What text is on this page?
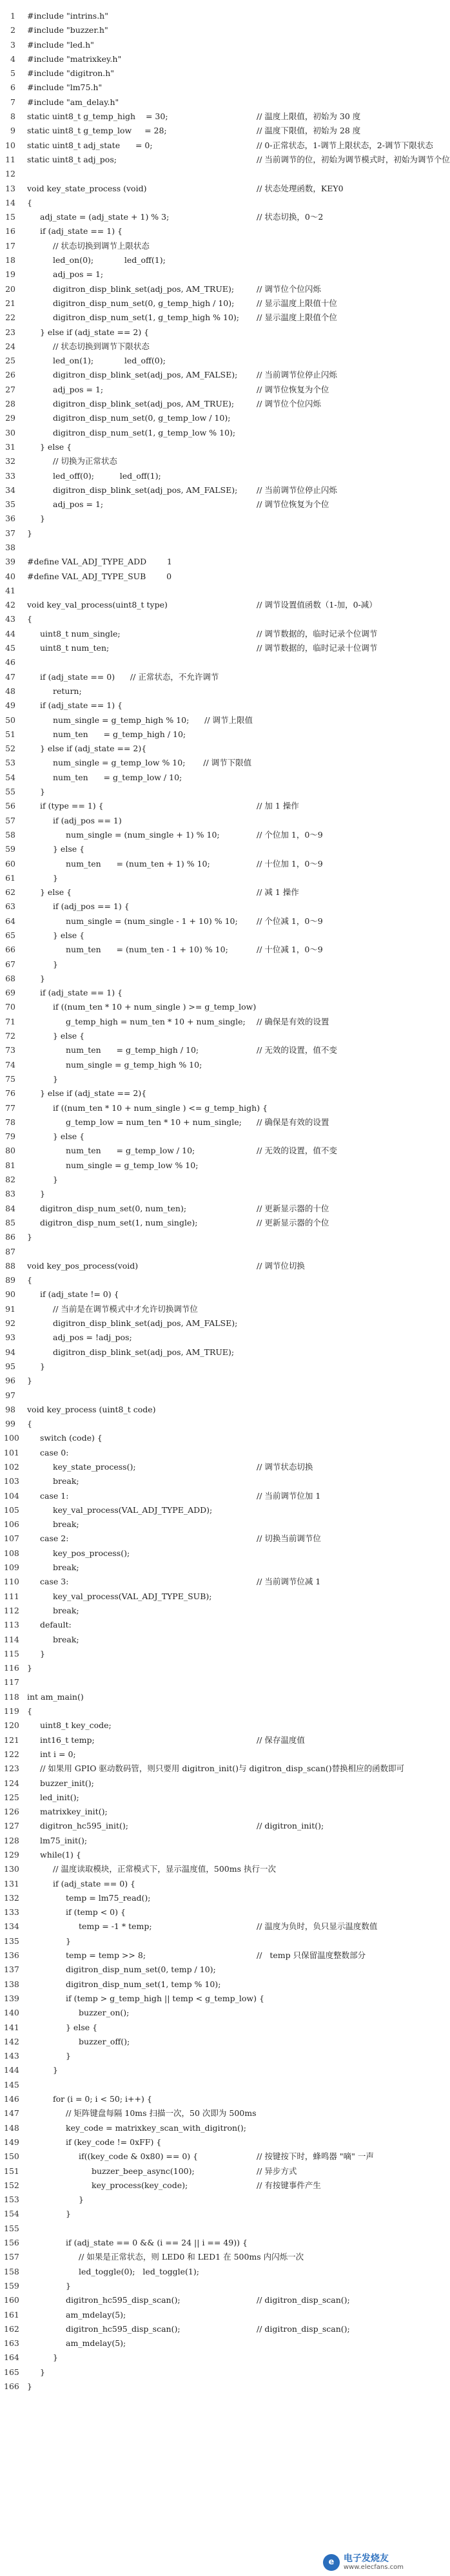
1 #include "intrins.h"
2 #include "buzzer.h"
3 #include "led.h"
4 #include "matrixkey.h"
5 #include "digitron.h"
6 #include "lm75.h"
7 #include "am_delay.h"
8 static uint8_t g_temp_high    = 30;	// 温度上限值，初始为 30 度
9 static uint8_t g_temp_low     = 28;	// 温度下限值，初始为 28 度
10 static uint8_t adj_state      = 0;	// 0-正常状态，1-调节上限状态，2-调节下限状态
11 static uint8_t adj_pos;	// 当前调节的位，初始为调节模式时，初始为调节个位
12
13 void key_state_process (void)	// 状态处理函数，KEY0
14 {
15	adj_state = (adj_state + 1) % 3;	// 状态切换，0～2
16	if (adj_state == 1) {
17	// 状态切换到调节上限状态
18	led_on(0);            led_off(1);
19	adj_pos = 1;
20	digitron_disp_blink_set(adj_pos, AM_TRUE);	// 调节位个位闪烁
21	digitron_disp_num_set(0, g_temp_high / 10);	// 显示温度上限值十位
22	digitron_disp_num_set(1, g_temp_high % 10); // 显示温度上限值个位
23	} else if (adj_state == 2) {
24	// 状态切换到调节下限状态
25	led_on(1);            led_off(0);
26	digitron_disp_blink_set(adj_pos, AM_FALSE); // 当前调节位停止闪烁
27	adj_pos = 1;	// 调节位恢复为个位
28	digitron_disp_blink_set(adj_pos, AM_TRUE);	// 调节位个位闪烁
29	digitron_disp_num_set(0, g_temp_low / 10);
30	digitron_disp_num_set(1, g_temp_low % 10);
31	} else {
32	// 切换为正常状态
33	led_off(0);          led_off(1);
34	digitron_disp_blink_set(adj_pos, AM_FALSE); // 当前调节位停止闪烁
35	adj_pos = 1;	// 调节位恢复为个位
36	}
37 }
38
39 #define VAL_ADJ_TYPE_ADD        1
40 #define VAL_ADJ_TYPE_SUB        0
41
42 void key_val_process(uint8_t type)	// 调节设置值函数（1-加，0-减）
43 {
44	uint8_t num_single;	// 调节数据的，临时记录个位调节
45	uint8_t num_ten;	// 调节数据的，临时记录十位调节
46
47	if (adj_state == 0)      // 正常状态，不允许调节
48	return;
49	if (adj_state == 1) {
50	num_single = g_temp_high % 10;      // 调节上限值
51	num_ten      = g_temp_high / 10;
52	} else if (adj_state == 2){
53	num_single = g_temp_low % 10;       // 调节下限值
54	num_ten      = g_temp_low / 10;
55	}
56	if (type == 1) {	// 加 1 操作
57	if (adj_pos == 1)
58	num_single = (num_single + 1) % 10;	// 个位加 1，0～9
59	} else {
60	num_ten      = (num_ten + 1) % 10;	// 十位加 1，0～9
61	}
62	} else {	// 减 1 操作
63	if (adj_pos == 1) {
64	num_single = (num_single - 1 + 10) % 10; // 个位减 1，0～9
65	} else {
66	num_ten      = (num_ten - 1 + 10) % 10;	// 十位减 1，0～9
67	}
68	}
69	if (adj_state == 1) {
70	if ((num_ten * 10 + num_single ) >= g_temp_low)
71	g_temp_high = num_ten * 10 + num_single; // 确保是有效的设置
72	} else {
73	num_ten      = g_temp_high / 10;	// 无效的设置，值不变
74	num_single = g_temp_high % 10;
75	}
76	} else if (adj_state == 2){
77	if ((num_ten * 10 + num_single ) <= g_temp_high) {
78	g_temp_low = num_ten * 10 + num_single; // 确保是有效的设置
79	} else {
80	num_ten      = g_temp_low / 10;	// 无效的设置，值不变
81	num_single = g_temp_low % 10;
82	}
83	}
84	digitron_disp_num_set(0, num_ten);	// 更新显示器的十位
85	digitron_disp_num_set(1, num_single);	// 更新显示器的个位
86 }
87
88 void key_pos_process(void)	// 调节位切换
89 {
90	if (adj_state != 0) {
91	// 当前是在调节模式中才允许切换调节位
92	digitron_disp_blink_set(adj_pos, AM_FALSE);
93	adj_pos = !adj_pos;
94	digitron_disp_blink_set(adj_pos, AM_TRUE);
95	}
96 }
97
98 void key_process (uint8_t code)
99 {
100	switch (code) {
101	case 0:
102	key_state_process();	// 调节状态切换
103	break;
104	case 1:	// 当前调节位加 1
105	key_val_process(VAL_ADJ_TYPE_ADD);
106	break;
107	case 2:	// 切换当前调节位
108	key_pos_process();
109	break;
110	case 3:	// 当前调节位减 1
111	key_val_process(VAL_ADJ_TYPE_SUB);
112	break;
113	default:
114	break;
115	}
116 }
117
118 int am_main()
119 {
120	uint8_t key_code;
121	int16_t temp;	// 保存温度值
122	int i = 0;
123	// 如果用 GPIO 驱动数码管，则只要用 digitron_init()与 digitron_disp_scan()替换相应的函数即可
124	buzzer_init();
125	led_init();
126	matrixkey_init();
127	digitron_hc595_init();	// digitron_init();
128	lm75_init();
129	while(1) {
130	// 温度读取模块，正常模式下，显示温度值，500ms 执行一次
131	if (adj_state == 0) {
132	temp = lm75_read();
133	if (temp < 0) {
134	temp = -1 * temp;	// 温度为负时，负只显示温度数值
135	}
136	temp = temp >> 8;	//   temp 只保留温度整数部分
137	digitron_disp_num_set(0, temp / 10);
138	digitron_disp_num_set(1, temp % 10);
139	if (temp > g_temp_high || temp < g_temp_low) {
140	buzzer_on();
141	} else {
142	buzzer_off();
143	}
144	}
145
146	for (i = 0; i < 50; i++) {
147	// 矩阵键盘每隔 10ms 扫描一次，50 次即为 500ms
148	key_code = matrixkey_scan_with_digitron();
149	if (key_code != 0xFF) {
150	if((key_code & 0x80) == 0) {	// 按键按下时，蜂鸣器 "嘀" 一声
151	buzzer_beep_async(100);	// 异步方式
152	key_process(key_code);	// 有按键事件产生
153	}
154	}
155
156	if (adj_state == 0 && (i == 24 || i == 49)) {
157	// 如果是正常状态，则 LED0 和 LED1 在 500ms 内闪烁一次
158	led_toggle(0);   led_toggle(1);
159	}
160	digitron_hc595_disp_scan();	// digitron_disp_scan();
161	am_mdelay(5);
162	digitron_hc595_disp_scan();	// digitron_disp_scan();
163	am_mdelay(5);
164	}
165	}
166 }
e	电子发烧友
www.elecfans.com
